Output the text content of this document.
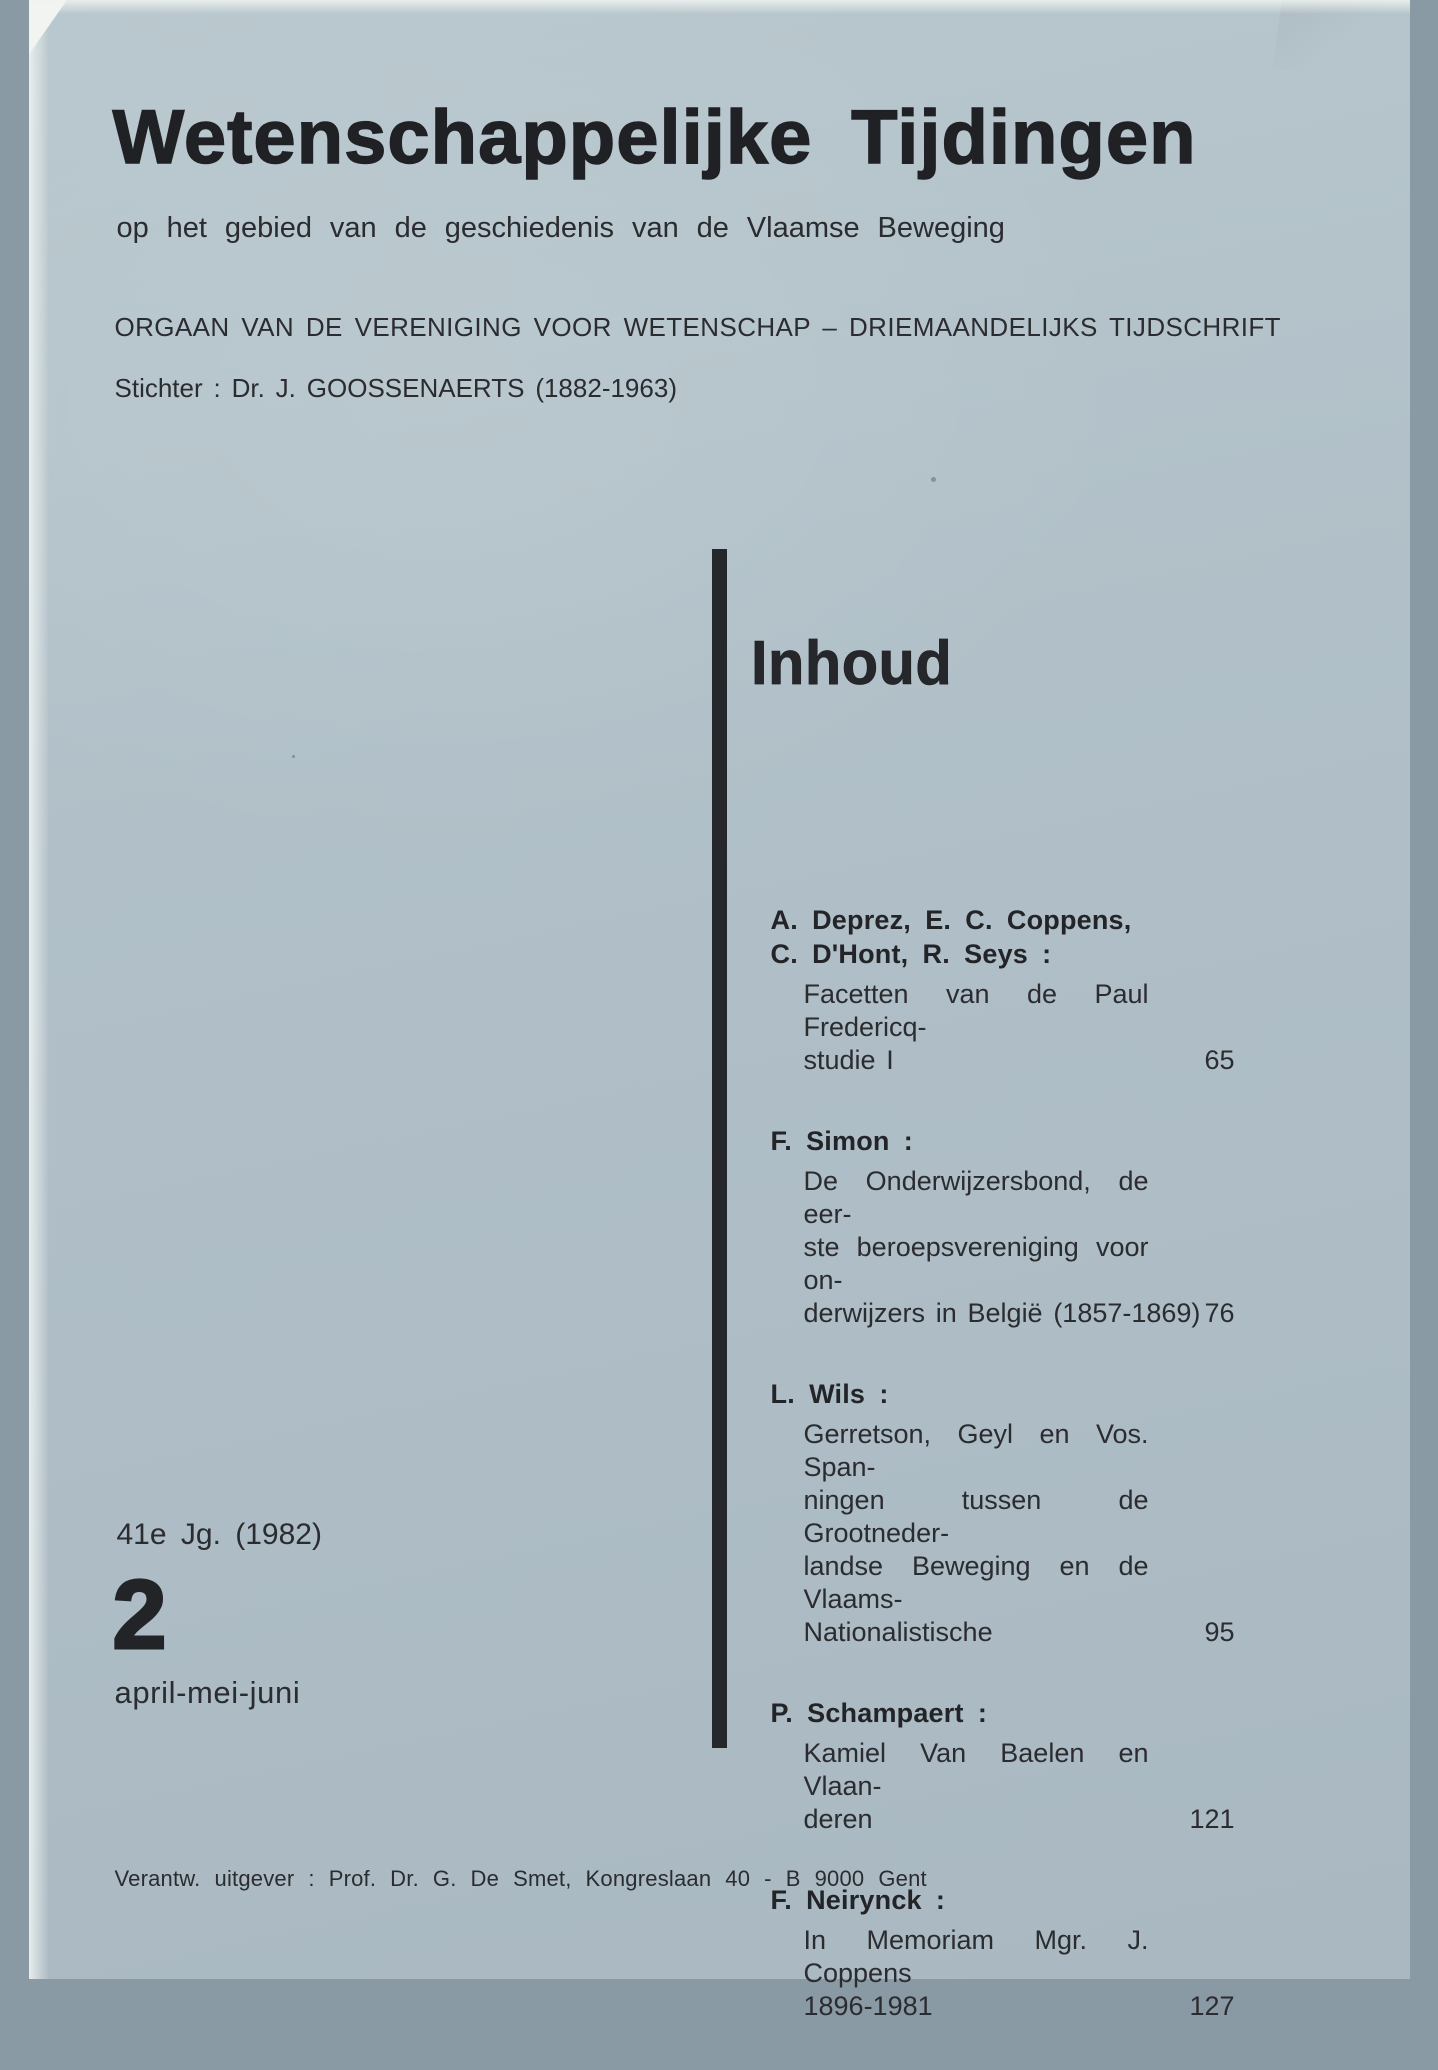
Wetenschappelijke Tijdingen
op het gebied van de geschiedenis van de Vlaamse Beweging
ORGAAN VAN DE VERENIGING VOOR WETENSCHAP – DRIEMAANDELIJKS TIJDSCHRIFT
Stichter : Dr. J. GOOSSENAERTS (1882-1963)
Inhoud
A. Deprez, E. C. Coppens,
C. D'Hont, R. Seys :
Facetten van de Paul Fredericq-
studie I	65
F. Simon :
De Onderwijzersbond, de eer-
ste beroepsvereniging voor on-
derwijzers in België (1857-1869) 76
L. Wils :
Gerretson, Geyl en Vos. Span-
ningen tussen de Grootneder-
landse Beweging en de Vlaams-
Nationalistische	95
P. Schampaert :
Kamiel Van Baelen en Vlaan-
deren	121
F. Neirynck :
In Memoriam Mgr. J. Coppens
1896-1981	127
41e Jg. (1982)
2
april-mei-juni
Verantw. uitgever : Prof. Dr. G. De Smet, Kongreslaan 40 - B 9000 Gent
